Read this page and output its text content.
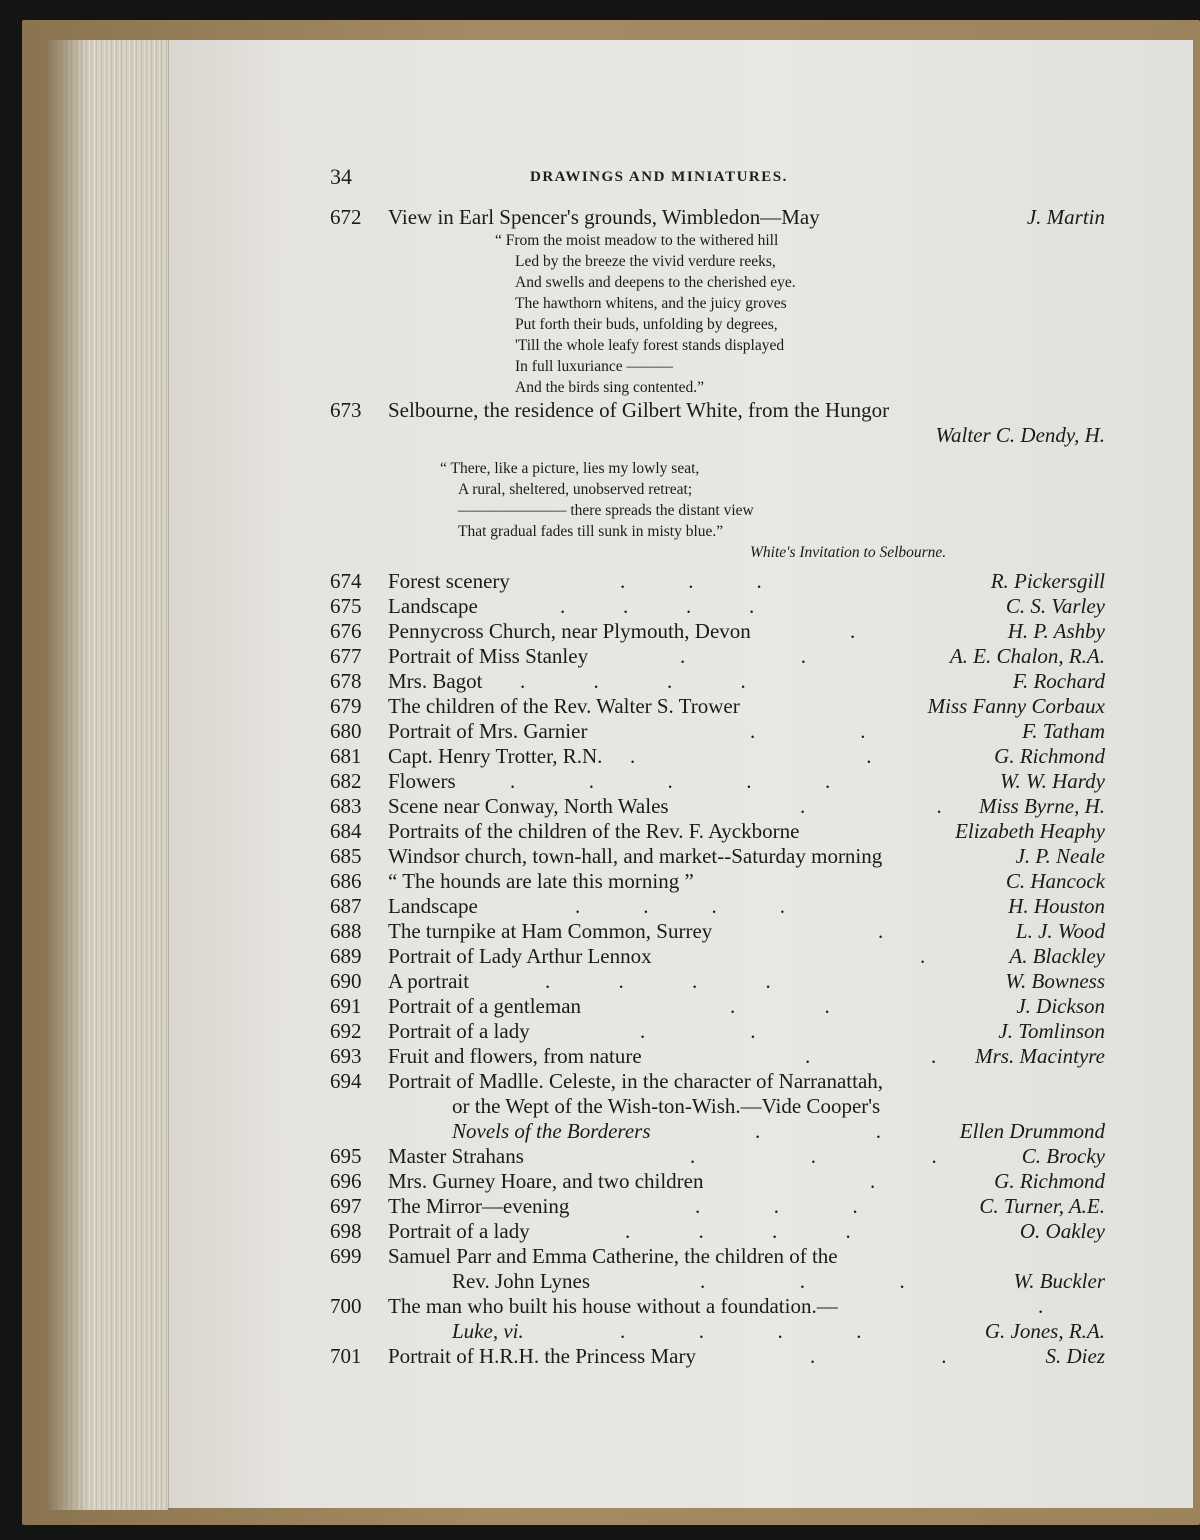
34	DRAWINGS AND MINIATURES.
672 View in Earl Spencer's grounds, Wimbledon—May	J. Martin
“ From the moist meadow to the withered hill
Led by the breeze the vivid verdure reeks,
And swells and deepens to the cherished eye.
The hawthorn whitens, and the juicy groves
Put forth their buds, unfolding by degrees,
'Till the whole leafy forest stands displayed
In full luxuriance ———
And the birds sing contented.”
673 Selbourne, the residence of Gilbert White, from the Hungor
Walter C. Dendy, H.
“ There, like a picture, lies my lowly seat,
A rural, sheltered, unobserved retreat;
——————— there spreads the distant view
That gradual fades till sunk in misty blue.”
White's Invitation to Selbourne.
674 Forest scenery	.            .            .	R. Pickersgill
675 Landscape	.           .           .           .	C. S. Varley
676 Pennycross Church, near Plymouth, Devon	.	H. P. Ashby
677 Portrait of Miss Stanley	.                      .	A. E. Chalon, R.A.
678 Mrs. Bagot .             .             .             .	F. Rochard
679 The children of the Rev. Walter S. Trower	Miss Fanny Corbaux
680 Portrait of Mrs. Garnier	.                    .	F. Tatham
681 Capt. Henry Trotter, R.N. .                                            .	G. Richmond
682 Flowers	.              .              .              .              .	W. W. Hardy
683 Scene near Conway, North Wales	.                         . Miss Byrne, H.
684 Portraits of the children of the Rev. F. Ayckborne	Elizabeth Heaphy
685 Windsor church, town-hall, and market--Saturday morning	J. P. Neale
686 “ The hounds are late this morning ”	C. Hancock
687 Landscape	.            .            .            .	H. Houston
688 The turnpike at Ham Common, Surrey	.	L. J. Wood
689 Portrait of Lady Arthur Lennox	.	A. Blackley
690 A portrait	.             .             .             .	W. Bowness
691 Portrait of a gentleman	.                 .	J. Dickson
692 Portrait of a lady	.                    .	J. Tomlinson
693 Fruit and flowers, from nature	.                       . Mrs. Macintyre
694 Portrait of Madlle. Celeste, in the character of Narranattah,
or the Wept of the Wish-ton-Wish.—Vide Cooper's
Novels of the Borderers	.                      .	Ellen Drummond
695 Master Strahans	.                      .                      .	C. Brocky
696 Mrs. Gurney Hoare, and two children	.	G. Richmond
697 The Mirror—evening	.              .              .	C. Turner, A.E.
698 Portrait of a lady	.             .             .             .	O. Oakley
699 Samuel Parr and Emma Catherine, the children of the
Rev. John Lynes	.                  .                  .	W. Buckler
700 The man who built his house without a foundation.—	.
Luke, vi.	.              .              .              .	G. Jones, R.A.
701 Portrait of H.R.H. the Princess Mary	.                        .	S. Diez
